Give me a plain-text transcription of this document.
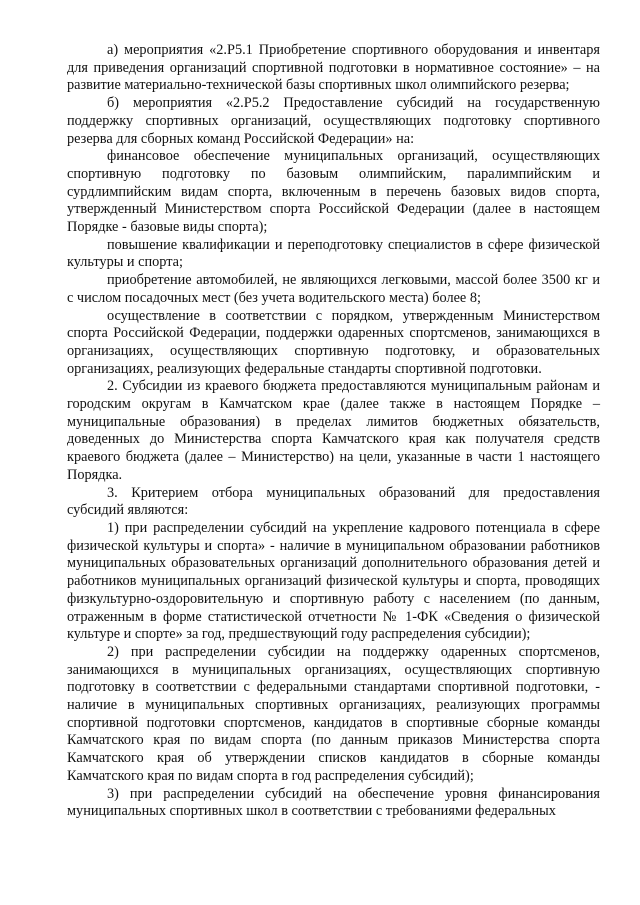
а) мероприятия «2.Р5.1 Приобретение спортивного оборудования и инвентаря для приведения организаций спортивной подготовки в нормативное состояние» – на развитие материально-технической базы спортивных школ олимпийского резерва;

б) мероприятия «2.Р5.2 Предоставление субсидий на государственную поддержку спортивных организаций, осуществляющих подготовку спортивного резерва для сборных команд Российской Федерации» на:

финансовое обеспечение муниципальных организаций, осуществляющих спортивную подготовку по базовым олимпийским, паралимпийским и сурдлимпийским видам спорта, включенным в перечень базовых видов спорта, утвержденный Министерством спорта Российской Федерации (далее в настоящем Порядке - базовые виды спорта);

повышение квалификации и переподготовку специалистов в сфере физической культуры и спорта;

приобретение автомобилей, не являющихся легковыми, массой более 3500 кг и с числом посадочных мест (без учета водительского места) более 8;

осуществление в соответствии с порядком, утвержденным Министерством спорта Российской Федерации, поддержки одаренных спортсменов, занимающихся в организациях, осуществляющих спортивную подготовку, и образовательных организациях, реализующих федеральные стандарты спортивной подготовки.

2. Субсидии из краевого бюджета предоставляются муниципальным районам и городским округам в Камчатском крае (далее также в настоящем Порядке – муниципальные образования) в пределах лимитов бюджетных обязательств, доведенных до Министерства спорта Камчатского края как получателя средств краевого бюджета (далее – Министерство) на цели, указанные в части 1 настоящего Порядка.

3. Критерием отбора муниципальных образований для предоставления субсидий являются:

1) при распределении субсидий на укрепление кадрового потенциала в сфере физической культуры и спорта» - наличие в муниципальном образовании работников муниципальных образовательных организаций дополнительного образования детей и работников муниципальных организаций физической культуры и спорта, проводящих физкультурно-оздоровительную и спортивную работу с населением (по данным, отраженным в форме статистической отчетности № 1-ФК «Сведения о физической культуре и спорте» за год, предшествующий году распределения субсидии);

2) при распределении субсидии на поддержку одаренных спортсменов, занимающихся в муниципальных организациях, осуществляющих спортивную подготовку в соответствии с федеральными стандартами спортивной подготовки, - наличие в муниципальных спортивных организациях, реализующих программы спортивной подготовки спортсменов, кандидатов в спортивные сборные команды Камчатского края по видам спорта (по данным приказов Министерства спорта Камчатского края об утверждении списков кандидатов в сборные команды Камчатского края по видам спорта в год распределения субсидий);

3) при распределении субсидий на обеспечение уровня финансирования муниципальных спортивных школ в соответствии с требованиями федеральных
